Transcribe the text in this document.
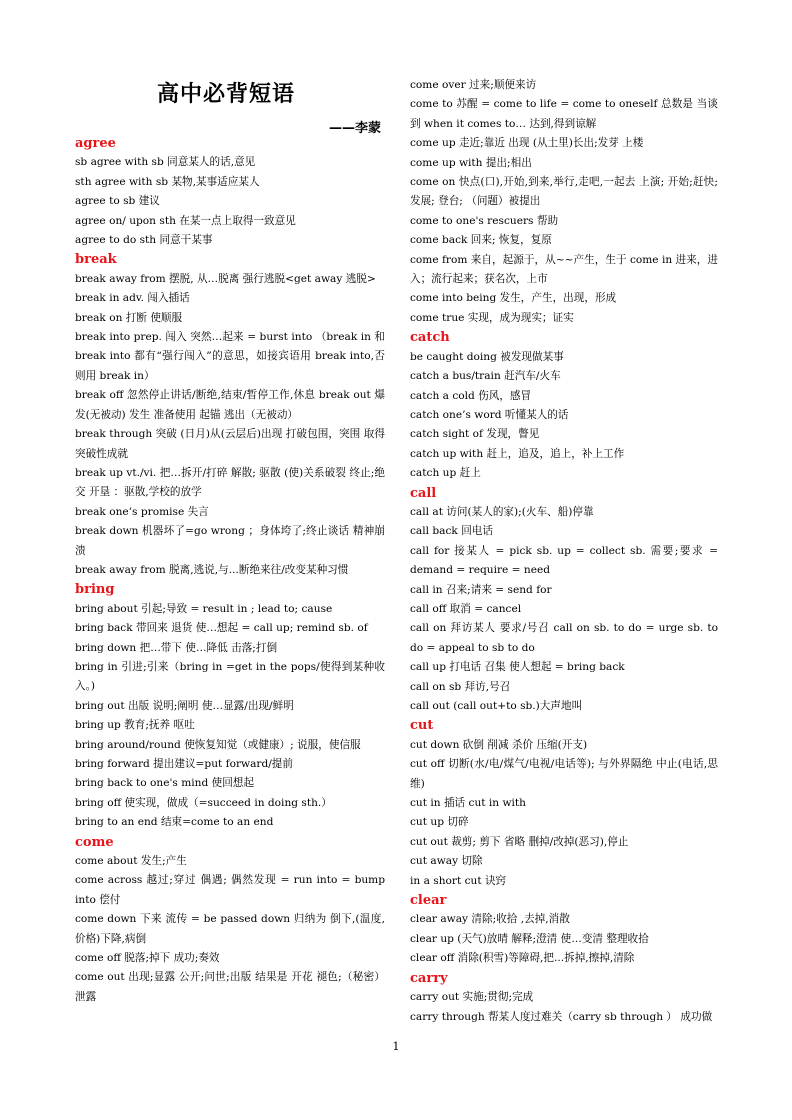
高中必背短语
——李蒙
agree
sb agree with sb 同意某人的话,意见
sth agree with sb 某物,某事适应某人
agree to sb 建议
agree on/ upon sth 在某一点上取得一致意见
agree to do sth 同意干某事
break
break away from 摆脱, 从…脱离 强行逃脱<get away 逃脱>
break in adv. 闯入插话
break on 打断 使顺服
break into prep. 闯入 突然…起来 = burst into （break in 和 break into 都有“强行闯入”的意思，如接宾语用 break into,否则用 break in）
break off 忽然停止讲话/断绝,结束/暂停工作,休息 break out 爆发(无被动) 发生 准备使用 起锚 逃出（无被动）
break through 突破 (日月)从(云层后)出现 打破包围，突围 取得突破性成就
break up vt./vi. 把…拆开/打碎 解散; 驱散 (使)关系破裂 终止;绝交 开垦 ：驱散,学校的放学
break one’s promise 失言
break down 机器坏了=go wrong ；身体垮了;终止谈话 精神崩溃
break away from 脱离,逃说,与...断绝来往/改变某种习惯
bring
bring about 引起;导致 = result in ; lead to; cause
bring back 带回来 退货 使…想起 = call up; remind sb. of
bring down 把…带下 使…降低 击落;打倒
bring in 引进;引来（bring in =get in the pops/使得到某种收入。)
bring out 出版 说明;阐明 使…显露/出现/鲜明
bring up 教育;抚养 呕吐
bring around/round 使恢复知觉（或健康）; 说服，使信服
bring forward 提出建议=put forward/提前
bring back to one's mind 使回想起
bring off 使实现，做成（=succeed in doing sth.）
bring to an end 结束=come to an end
come
come about 发生;产生
come across 越过;穿过 偶遇; 偶然发现 = run into = bump into 偿付
come down 下来 流传 = be passed down 归纳为 倒下,(温度,价格)下降,病倒
come off 脱落;掉下 成功;奏效
come out 出现;显露 公开;问世;出版 结果是 开花 褪色;（秘密）泄露
come over 过来;顺便来访
come to 苏醒 = come to life = come to oneself 总数是 当谈到 when it comes to… 达到,得到谅解
come up 走近;靠近 出现 (从土里)长出;发芽 上楼
come up with 提出;相出
come on 快点(口),开始,到来,举行,走吧,一起去 上演; 开始;赶快; 发展; 登台; （问题）被提出
come to one's rescuers 帮助
come back 回来; 恢复，复原
come from 来自，起源于，从~~产生，生于 come in 进来，进入；流行起来；获名次，上市
come into being 发生，产生，出现，形成
come true 实现，成为现实；证实
catch
be caught doing 被发现做某事
catch a bus/train 赶汽车/火车
catch a cold 伤风，感冒
catch one’s word 听懂某人的话
catch sight of 发现，瞥见
catch up with 赶上，追及，追上，补上工作
catch up 赶上
call
call at 访问(某人的家);(火车、船)停靠
call back 回电话
call for 接某人 = pick sb. up = collect sb. 需要;要求 = demand = require = need
call in 召来;请来 = send for
call off 取消 = cancel
call on 拜访某人 要求/号召 call on sb. to do = urge sb. to do = appeal to sb to do
call up 打电话 召集 使人想起 = bring back
call on sb 拜访,号召
call out (call out+to sb.)大声地叫
cut
cut down 砍倒 削减 杀价 压缩(开支)
cut off 切断(水/电/煤气/电视/电话等); 与外界隔绝 中止(电话,思维)
cut in 插话 cut in with
cut up 切碎
cut out 裁剪; 剪下 省略 删掉/改掉(恶习),停止
cut away 切除
in a short cut 诀窍
clear
clear away 清除;收拾 ,去掉,消散
clear up (天气)放晴 解释;澄清 使…变清 整理收拾
clear off 消除(积雪)等障碍,把...拆掉,擦掉,清除
carry
carry out 实施;贯彻;完成
carry through 帮某人度过难关（carry sb through ） 成功做
1
